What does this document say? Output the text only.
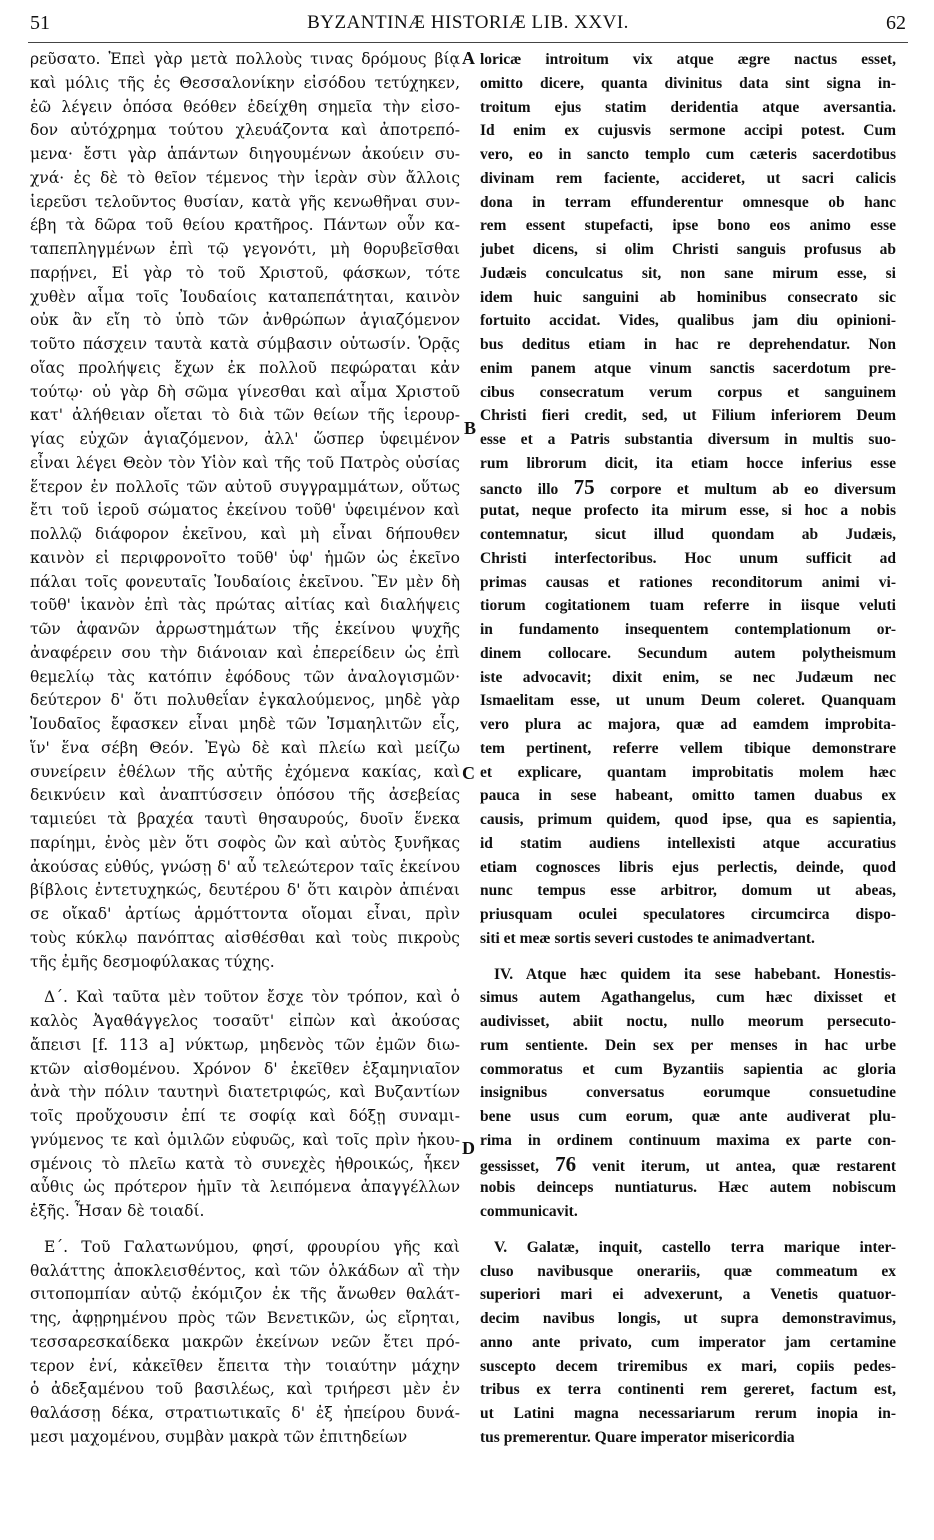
51	BYZANTINÆ HISTORIÆ LIB. XXVI.	62
A
B
C
D
ρεῦσατο. Ἐπεὶ γὰρ μετὰ πολλοὺς τινας δρόμους βίᾳ
καὶ μόλις τῆς ἐς Θεσσαλονίκην εἰσόδου τετύχηκεν,
ἐῶ λέγειν ὁπόσα θεόθεν ἐδείχθη σημεῖα τὴν εἰσο-
δον αὐτόχρημα τούτου χλευάζοντα καὶ ἀποτρεπό-
μενα· ἔστι γὰρ ἁπάντων διηγουμένων ἀκούειν συ-
χνά· ἐς δὲ τὸ θεῖον τέμενος τὴν ἱερὰν σὺν ἄλλοις
ἱερεῦσι τελοῦντος θυσίαν, κατὰ γῆς κενωθῆναι συν-
έβη τὰ δῶρα τοῦ θείου κρατῆρος. Πάντων οὖν κα-
ταπεπληγμένων ἐπὶ τῷ γεγονότι, μὴ θορυβεῖσθαι
παρῄνει, Εἰ γὰρ τὸ τοῦ Χριστοῦ, φάσκων, τότε
χυθὲν αἷμα τοῖς Ἰουδαίοις καταπεπάτηται, καινὸν
οὐκ ἂν εἴη τὸ ὑπὸ τῶν ἀνθρώπων ἁγιαζόμενον
τοῦτο πάσχειν ταυτὰ κατὰ σύμβασιν οὑτωσίν. Ὁρᾷς
οἵας προλήψεις ἔχων ἐκ πολλοῦ πεφώραται κἀν
τούτῳ· οὐ γὰρ δὴ σῶμα γίνεσθαι καὶ αἷμα Χριστοῦ
κατ' ἀλήθειαν οἴεται τὸ διὰ τῶν θείων τῆς ἱερουρ-
γίας εὐχῶν ἁγιαζόμενον, ἀλλ' ὥσπερ ὑφειμένον
εἶναι λέγει Θεὸν τὸν Υἱὸν καὶ τῆς τοῦ Πατρὸς οὐσίας
ἕτερον ἐν πολλοῖς τῶν αὐτοῦ συγγραμμάτων, οὕτως
ἔτι τοῦ ἱεροῦ σώματος ἐκείνου τοῦθ' ὑφειμένον καὶ
πολλῷ διάφορον ἐκεῖνου, καὶ μὴ εἶναι δήπουθεν
καινὸν εἰ περιφρονοῖτο τοῦθ' ὑφ' ἡμῶν ὡς ἐκεῖνο
πάλαι τοῖς φονευταῖς Ἰουδαίοις ἐκεῖνου. Ἓν μὲν δὴ
τοῦθ' ἱκανὸν ἐπὶ τὰς πρώτας αἰτίας καὶ διαλήψεις
τῶν ἀφανῶν ἀρρωστημάτων τῆς ἐκείνου ψυχῆς
ἀναφέρειν σου τὴν διάνοιαν καὶ ἐπερείδειν ὡς ἐπὶ
θεμελίῳ τὰς κατόπιν ἐφόδους τῶν ἀναλογισμῶν·
δεύτερον δ' ὅτι πολυθεΐαν ἐγκαλούμενος, μηδὲ γὰρ
Ἰουδαῖος ἔφασκεν εἶναι μηδὲ τῶν Ἰσμαηλιτῶν εἷς,
ἵν' ἕνα σέβη Θεόν. Ἐγὼ δὲ καὶ πλείω καὶ μείζω
συνείρειν ἐθέλων τῆς αὐτῆς ἐχόμενα κακίας, καὶ
δεικνύειν καὶ ἀναπτύσσειν ὁπόσου τῆς ἀσεβείας
ταμιεύει τὰ βραχέα ταυτὶ θησαυρούς, δυοῖν ἕνεκα
παρίημι, ἑνὸς μὲν ὅτι σοφὸς ὢν καὶ αὐτὸς ξυνῆκας
ἀκούσας εὐθύς, γνώσῃ δ' αὖ τελεώτερον ταῖς ἐκείνου
βίβλοις ἐντετυχηκώς, δευτέρου δ' ὅτι καιρὸν ἀπιέναι
σε οἴκαδ' ἀρτίως ἁρμόττοντα οἴομαι εἶναι, πρὶν
τοὺς κύκλῳ πανόπτας αἰσθέσθαι καὶ τοὺς πικροὺς
τῆς ἐμῆς δεσμοφύλακας τύχης.
Δ΄. Καὶ ταῦτα μὲν τοῦτον ἔσχε τὸν τρόπον, καὶ ὁ
καλὸς Ἀγαθάγγελος τοσαῦτ' εἰπὼν καὶ ἀκούσας
ἄπεισι [f. 113 a] νύκτωρ, μηδενὸς τῶν ἐμῶν διω-
κτῶν αἰσθομένου. Χρόνον δ' ἐκεῖθεν ἑξαμηνιαῖον
ἀνὰ τὴν πόλιν ταυτηνὶ διατετριφώς, καὶ Βυζαντίων
τοῖς προὔχουσιν ἐπί τε σοφίᾳ καὶ δόξῃ συναμι-
γνύμενος τε καὶ ὁμιλῶν εὐφυῶς, καὶ τοῖς πρὶν ἠκου-
σμένοις τὸ πλεῖω κατὰ τὸ συνεχὲς ἠθροικώς, ἧκεν
αὖθις ὡς πρότερον ἡμῖν τὰ λειπόμενα ἀπαγγέλλων
ἑξῆς. Ἦσαν δὲ τοιαδί.
Ε΄. Τοῦ Γαλατωνύμου, φησί, φρουρίου γῆς καὶ
θαλάττης ἀποκλεισθέντος, καὶ τῶν ὁλκάδων αἳ τὴν
σιτοπομπίαν αὐτῷ ἐκόμιζον ἐκ τῆς ἄνωθεν θαλάτ-
της, ἀφῃρημένου πρὸς τῶν Βενετικῶν, ὡς εἴρηται,
τεσσαρεσκαίδεκα μακρῶν ἐκείνων νεῶν ἔτει πρό-
τερον ἐνί, κἀκεῖθεν ἔπειτα τὴν τοιαύτην μάχην
ὁ ἀδεξαμένου τοῦ βασιλέως, καὶ τριήρεσι μὲν ἐν
θαλάσσῃ δέκα, στρατιωτικαῖς δ' ἐξ ἠπείρου δυνά-
μεσι μαχομένου, συμβὰν μακρὰ τῶν ἐπιτηδείων
loricæ introitum vix atque ægre nactus esset,
omitto dicere, quanta divinitus data sint signa in-
troitum ejus statim deridentia atque aversantia.
Id enim ex cujusvis sermone accipi potest. Cum
vero, eo in sancto templo cum cæteris sacerdotibus
divinam rem faciente, accideret, ut sacri calicis
dona in terram effunderentur omnesque ob hanc
rem essent stupefacti, ipse bono eos animo esse
jubet dicens, si olim Christi sanguis profusus ab
Judæis conculcatus sit, non sane mirum esse, si
idem huic sanguini ab hominibus consecrato sic
fortuito accidat. Vides, qualibus jam diu opinioni-
bus deditus etiam in hac re deprehendatur. Non
enim panem atque vinum sanctis sacerdotum pre-
cibus consecratum verum corpus et sanguinem
Christi fieri credit, sed, ut Filium inferiorem Deum
esse et a Patris substantia diversum in multis suo-
rum librorum dicit, ita etiam hocce inferius esse
sancto illo 75 corpore et multum ab eo diversum
putat, neque profecto ita mirum esse, si hoc a nobis
contemnatur, sicut illud quondam ab Judæis,
Christi interfectoribus. Hoc unum sufficit ad
primas causas et rationes reconditorum animi vi-
tiorum cogitationem tuam referre in iisque veluti
in fundamento insequentem contemplationum or-
dinem collocare. Secundum autem polytheismum
iste advocavit; dixit enim, se nec Judæum nec
Ismaelitam esse, ut unum Deum coleret. Quanquam
vero plura ac majora, quæ ad eamdem improbita-
tem pertinent, referre vellem tibique demonstrare
et explicare, quantam improbitatis molem hæc
pauca in sese habeant, omitto tamen duabus ex
causis, primum quidem, quod ipse, qua es sapientia,
id statim audiens intellexisti atque accuratius
etiam cognosces libris ejus perlectis, deinde, quod
nunc tempus esse arbitror, domum ut abeas,
priusquam oculei speculatores circumcirca dispo-
siti et meæ sortis severi custodes te animadvertant.
IV. Atque hæc quidem ita sese habebant. Honestis-
simus autem Agathangelus, cum hæc dixisset et
audivisset, abiit noctu, nullo meorum persecuto-
rum sentiente. Dein sex per menses in hac urbe
commoratus et cum Byzantiis sapientia ac gloria
insignibus conversatus eorumque consuetudine
bene usus cum eorum, quæ ante audiverat plu-
rima in ordinem continuum maxima ex parte con-
gessisset, 76 venit iterum, ut antea, quæ restarent
nobis deinceps nuntiaturus. Hæc autem nobiscum
communicavit.
V. Galatæ, inquit, castello terra marique inter-
cluso navibusque onerariis, quæ commeatum ex
superiori mari ei advexerunt, a Venetis quatuor-
decim navibus longis, ut supra demonstravimus,
anno ante privato, cum imperator jam certamine
suscepto decem triremibus ex mari, copiis pedes-
tribus ex terra continenti rem gereret, factum est,
ut Latini magna necessariarum rerum inopia in-
tus premerentur. Quare imperator misericordia
